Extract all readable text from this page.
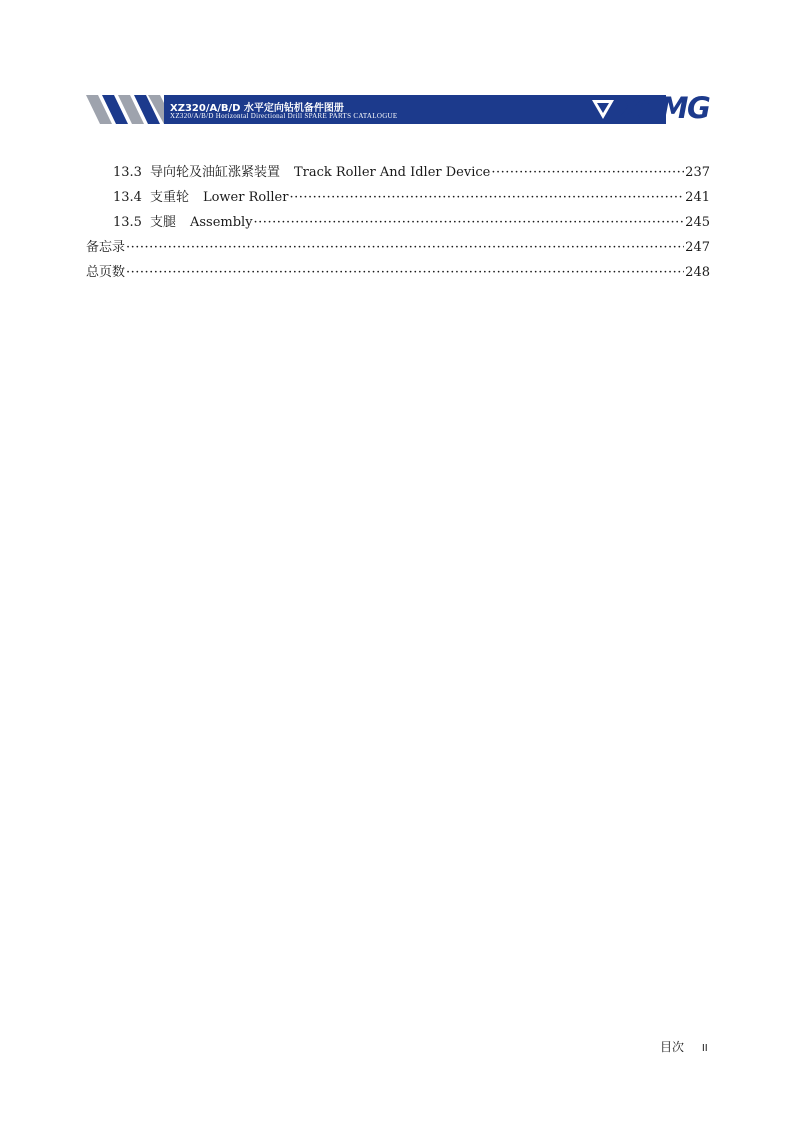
XZ320/A/B/D 水平定向钻机备件图册
XZ320/A/B/D Horizontal Directional Drill SPARE PARTS CATALOGUE	XCMG
13.3 导向轮及油缸涨紧装置 Track Roller And Idler Device ·····	237
13.4 支重轮 Lower Roller ·····	241
13.5 支腿 Assembly ·····	245
备忘录 ·····	247
总页数 ·····	248
目次 II
